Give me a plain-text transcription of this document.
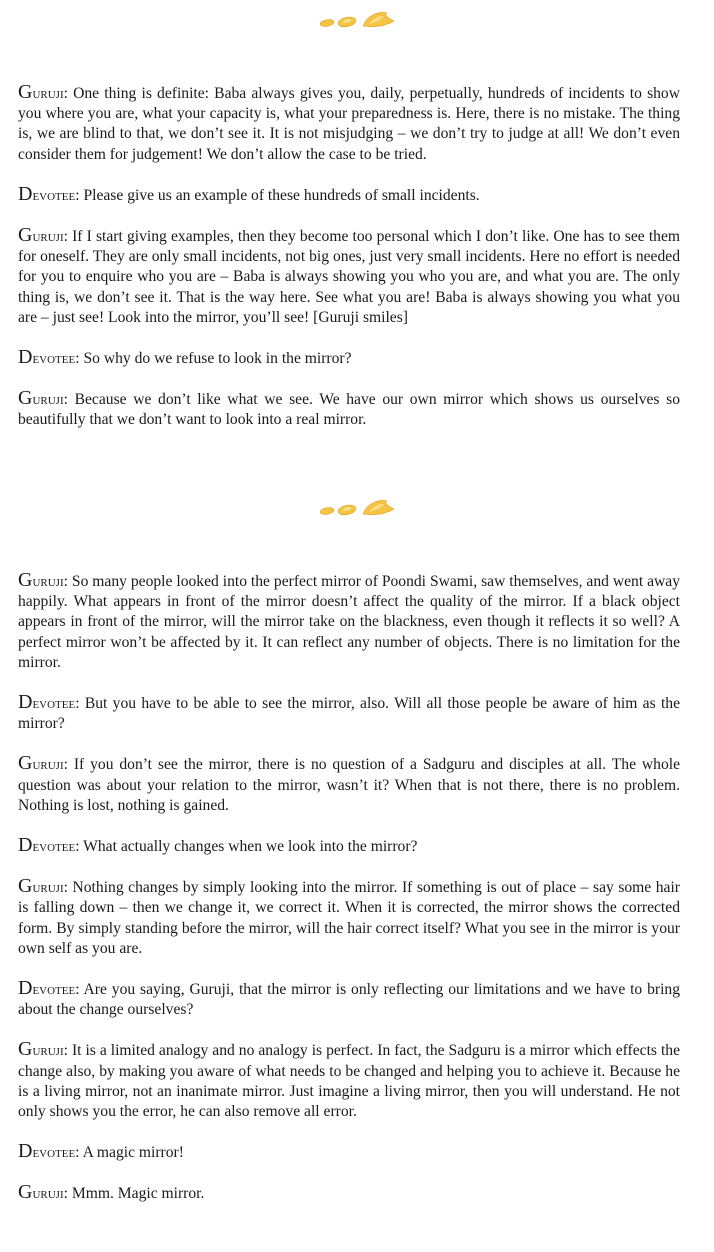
Guruji: One thing is definite: Baba always gives you, daily, perpetually, hundreds of incidents to show you where you are, what your capacity is, what your preparedness is. Here, there is no mistake. The thing is, we are blind to that, we don’t see it. It is not misjudging – we don’t try to judge at all! We don’t even consider them for judgement! We don’t allow the case to be tried.

Devotee: Please give us an example of these hundreds of small incidents.

Guruji: If I start giving examples, then they become too personal which I don’t like. One has to see them for oneself. They are only small incidents, not big ones, just very small incidents. Here no effort is needed for you to enquire who you are – Baba is always showing you who you are, and what you are. The only thing is, we don’t see it. That is the way here. See what you are! Baba is always showing you what you are – just see! Look into the mirror, you’ll see! [Guruji smiles]

Devotee: So why do we refuse to look in the mirror?

Guruji: Because we don’t like what we see. We have our own mirror which shows us ourselves so beautifully that we don’t want to look into a real mirror.

Guruji: So many people looked into the perfect mirror of Poondi Swami, saw themselves, and went away happily. What appears in front of the mirror doesn’t affect the quality of the mirror. If a black object appears in front of the mirror, will the mirror take on the blackness, even though it reflects it so well? A perfect mirror won’t be affected by it. It can reflect any number of objects. There is no limitation for the mirror.

Devotee: But you have to be able to see the mirror, also. Will all those people be aware of him as the mirror?

Guruji: If you don’t see the mirror, there is no question of a Sadguru and disciples at all. The whole question was about your relation to the mirror, wasn’t it? When that is not there, there is no problem. Nothing is lost, nothing is gained.

Devotee: What actually changes when we look into the mirror?

Guruji: Nothing changes by simply looking into the mirror. If something is out of place – say some hair is falling down – then we change it, we correct it. When it is corrected, the mirror shows the corrected form. By simply standing before the mirror, will the hair correct itself? What you see in the mirror is your own self as you are.

Devotee: Are you saying, Guruji, that the mirror is only reflecting our limitations and we have to bring about the change ourselves?

Guruji: It is a limited analogy and no analogy is perfect. In fact, the Sadguru is a mirror which effects the change also, by making you aware of what needs to be changed and helping you to achieve it. Because he is a living mirror, not an inanimate mirror. Just imagine a living mirror, then you will understand. He not only shows you the error, he can also remove all error.

Devotee: A magic mirror!

Guruji: Mmm. Magic mirror.
